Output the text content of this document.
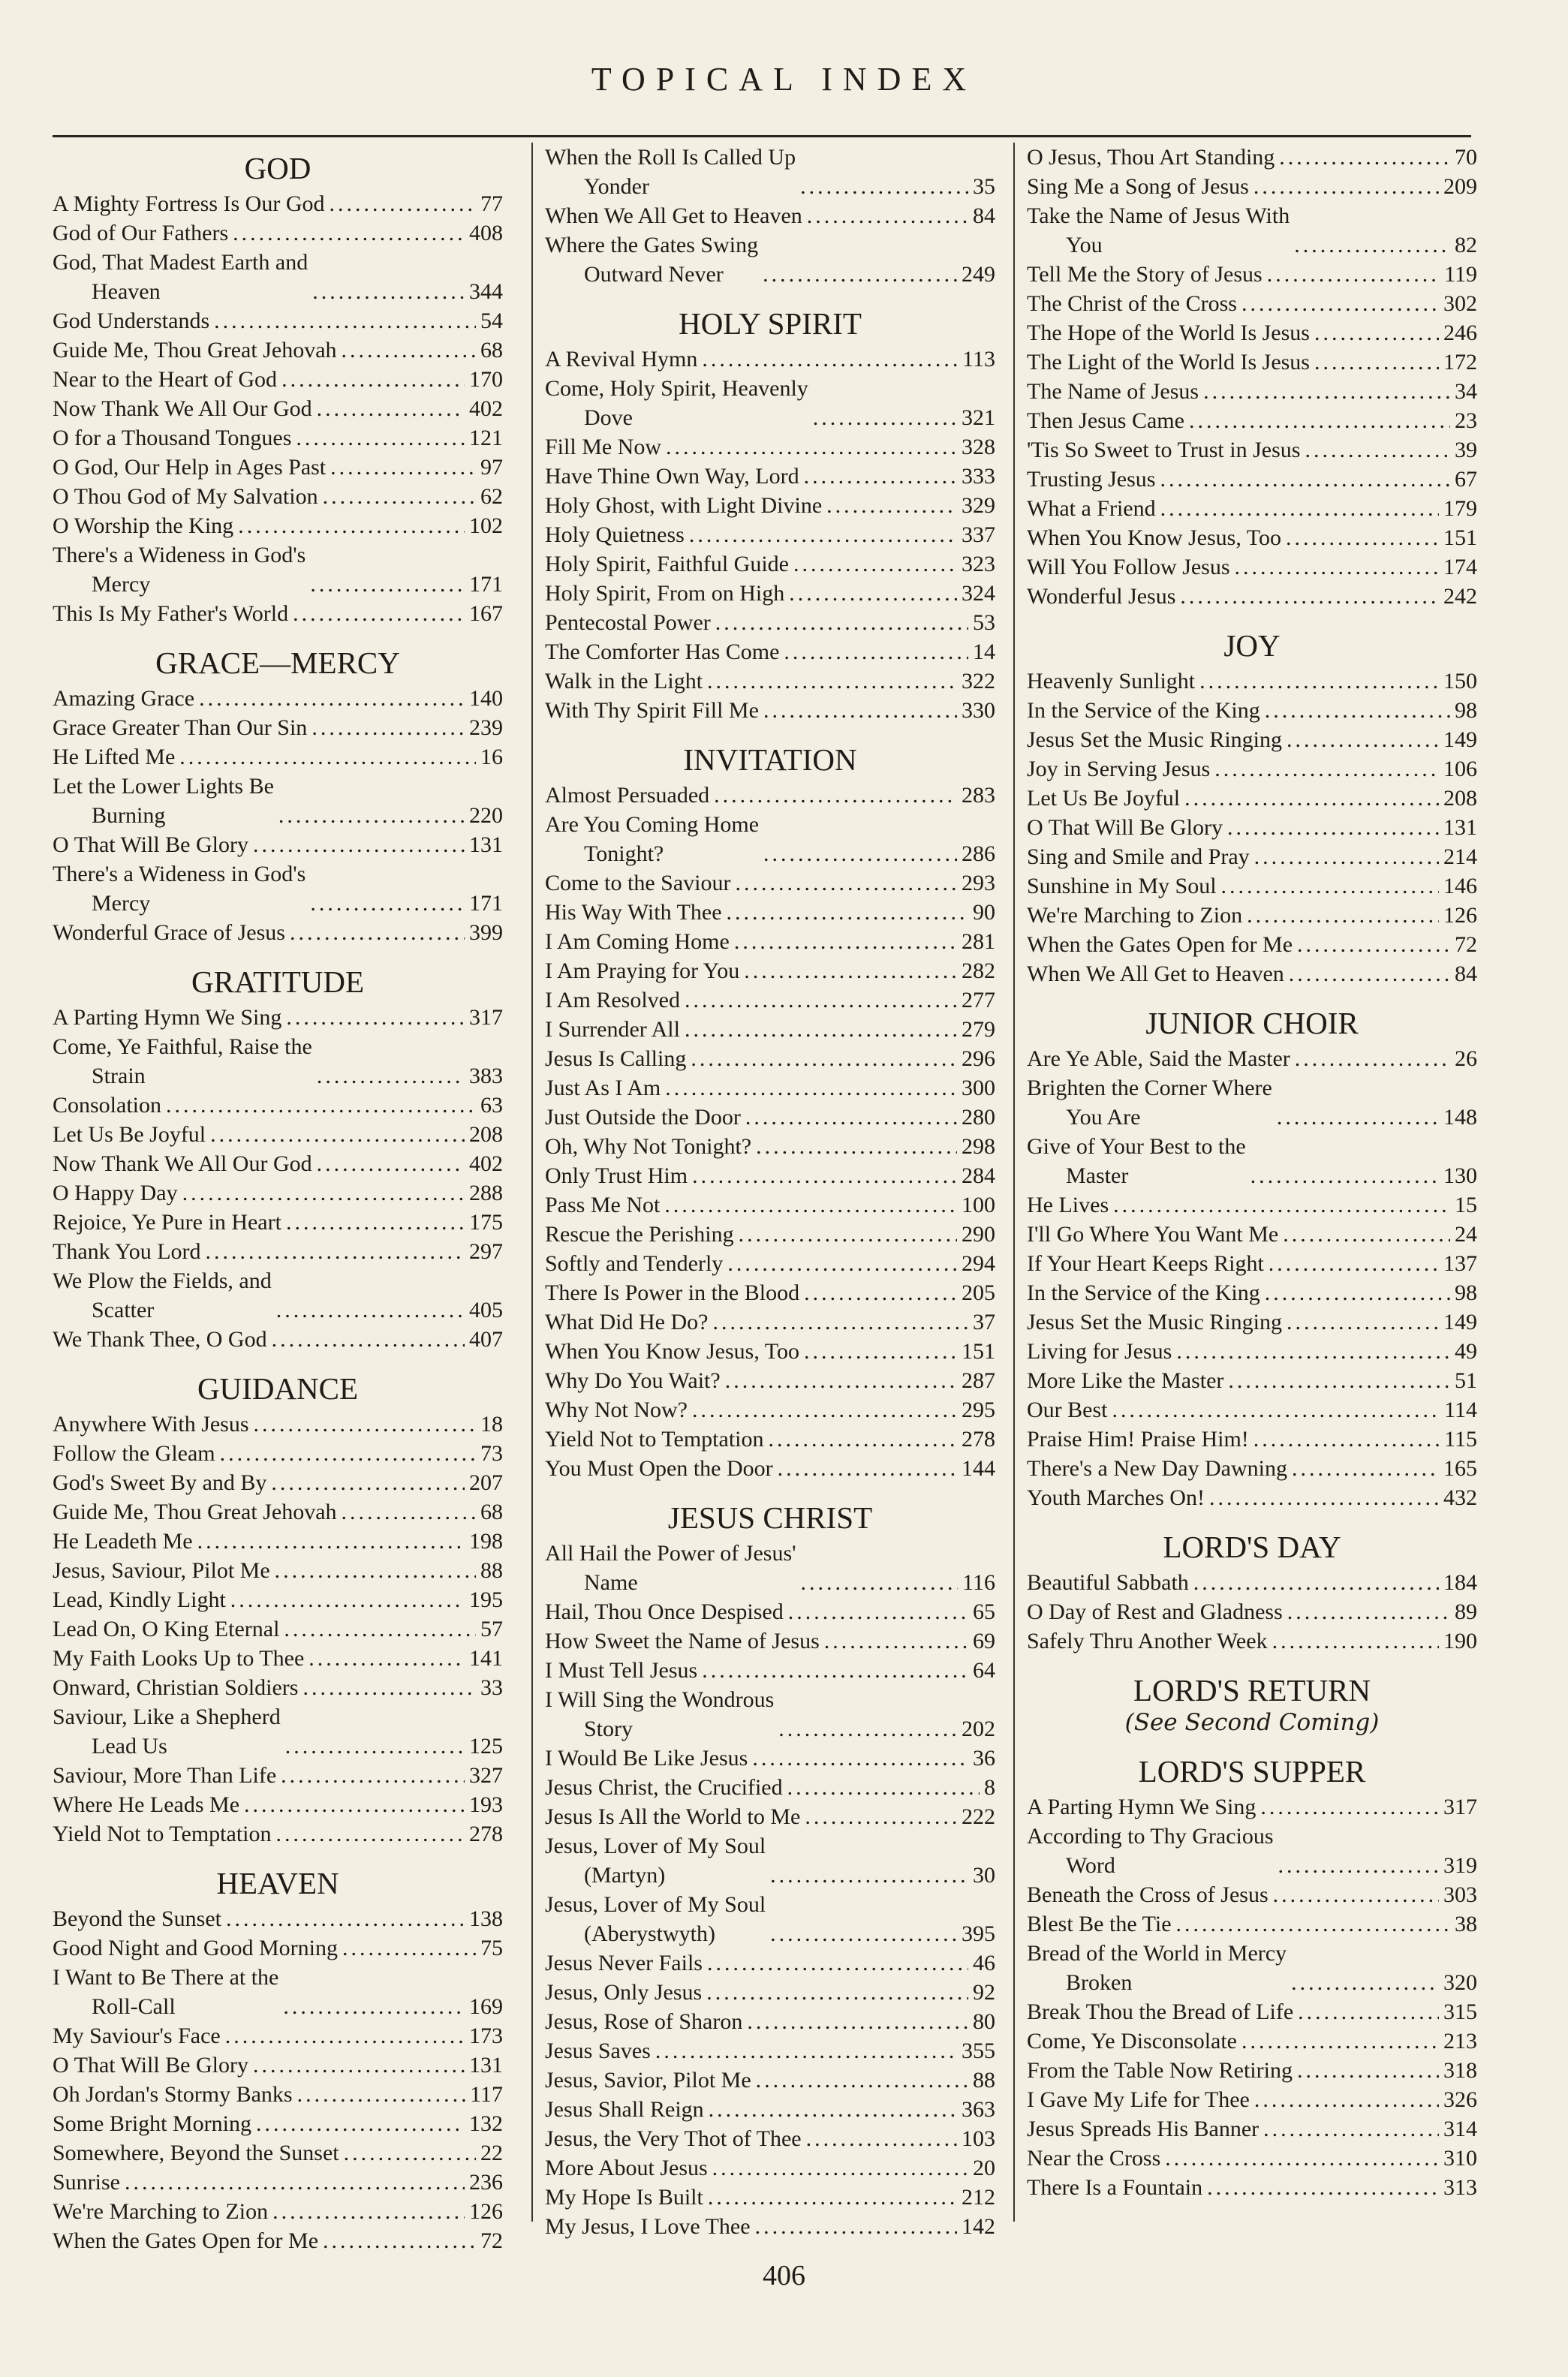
TOPICAL INDEX
GOD
A Mighty Fortress Is Our God .....	77
God of Our Fathers .....	408
God, That Madest Earth and
Heaven .....	344
God Understands .....	54
Guide Me, Thou Great Jehovah .....	68
Near to the Heart of God .....	170
Now Thank We All Our God .....	402
O for a Thousand Tongues .....	121
O God, Our Help in Ages Past .....	97
O Thou God of My Salvation .....	62
O Worship the King .....	102
There's a Wideness in God's
Mercy .....	171
This Is My Father's World .....	167
GRACE—MERCY
Amazing Grace .....	140
Grace Greater Than Our Sin .....	239
He Lifted Me .....	16
Let the Lower Lights Be
Burning .....	220
O That Will Be Glory .....	131
There's a Wideness in God's
Mercy .....	171
Wonderful Grace of Jesus .....	399
GRATITUDE
A Parting Hymn We Sing .....	317
Come, Ye Faithful, Raise the
Strain .....	383
Consolation .....	63
Let Us Be Joyful .....	208
Now Thank We All Our God .....	402
O Happy Day .....	288
Rejoice, Ye Pure in Heart .....	175
Thank You Lord .....	297
We Plow the Fields, and
Scatter .....	405
We Thank Thee, O God .....	407
GUIDANCE
Anywhere With Jesus .....	18
Follow the Gleam .....	73
God's Sweet By and By .....	207
Guide Me, Thou Great Jehovah .....	68
He Leadeth Me .....	198
Jesus, Saviour, Pilot Me .....	88
Lead, Kindly Light .....	195
Lead On, O King Eternal .....	57
My Faith Looks Up to Thee .....	141
Onward, Christian Soldiers .....	33
Saviour, Like a Shepherd
Lead Us .....	125
Saviour, More Than Life .....	327
Where He Leads Me .....	193
Yield Not to Temptation .....	278
HEAVEN
Beyond the Sunset .....	138
Good Night and Good Morning .....	75
I Want to Be There at the
Roll-Call .....	169
My Saviour's Face .....	173
O That Will Be Glory .....	131
Oh Jordan's Stormy Banks .....	117
Some Bright Morning .....	132
Somewhere, Beyond the Sunset .....	22
Sunrise .....	236
We're Marching to Zion .....	126
When the Gates Open for Me .....	72
When the Roll Is Called Up
Yonder .....	35
When We All Get to Heaven .....	84
Where the Gates Swing
Outward Never .....	249
HOLY SPIRIT
A Revival Hymn .....	113
Come, Holy Spirit, Heavenly
Dove .....	321
Fill Me Now .....	328
Have Thine Own Way, Lord .....	333
Holy Ghost, with Light Divine .....	329
Holy Quietness .....	337
Holy Spirit, Faithful Guide .....	323
Holy Spirit, From on High .....	324
Pentecostal Power .....	53
The Comforter Has Come .....	14
Walk in the Light .....	322
With Thy Spirit Fill Me .....	330
INVITATION
Almost Persuaded .....	283
Are You Coming Home
Tonight? .....	286
Come to the Saviour .....	293
His Way With Thee .....	90
I Am Coming Home .....	281
I Am Praying for You .....	282
I Am Resolved .....	277
I Surrender All .....	279
Jesus Is Calling .....	296
Just As I Am .....	300
Just Outside the Door .....	280
Oh, Why Not Tonight? .....	298
Only Trust Him .....	284
Pass Me Not .....	100
Rescue the Perishing .....	290
Softly and Tenderly .....	294
There Is Power in the Blood .....	205
What Did He Do? .....	37
When You Know Jesus, Too .....	151
Why Do You Wait? .....	287
Why Not Now? .....	295
Yield Not to Temptation .....	278
You Must Open the Door .....	144
JESUS CHRIST
All Hail the Power of Jesus'
Name .....	116
Hail, Thou Once Despised .....	65
How Sweet the Name of Jesus .....	69
I Must Tell Jesus .....	64
I Will Sing the Wondrous
Story .....	202
I Would Be Like Jesus .....	36
Jesus Christ, the Crucified .....	8
Jesus Is All the World to Me .....	222
Jesus, Lover of My Soul
(Martyn) .....	30
Jesus, Lover of My Soul
(Aberystwyth) .....	395
Jesus Never Fails .....	46
Jesus, Only Jesus .....	92
Jesus, Rose of Sharon .....	80
Jesus Saves .....	355
Jesus, Savior, Pilot Me .....	88
Jesus Shall Reign .....	363
Jesus, the Very Thot of Thee .....	103
More About Jesus .....	20
My Hope Is Built .....	212
My Jesus, I Love Thee .....	142
O Jesus, Thou Art Standing .....	70
Sing Me a Song of Jesus .....	209
Take the Name of Jesus With
You .....	82
Tell Me the Story of Jesus .....	119
The Christ of the Cross .....	302
The Hope of the World Is Jesus .....	246
The Light of the World Is Jesus .....	172
The Name of Jesus .....	34
Then Jesus Came .....	23
'Tis So Sweet to Trust in Jesus .....	39
Trusting Jesus .....	67
What a Friend .....	179
When You Know Jesus, Too .....	151
Will You Follow Jesus .....	174
Wonderful Jesus .....	242
JOY
Heavenly Sunlight .....	150
In the Service of the King .....	98
Jesus Set the Music Ringing .....	149
Joy in Serving Jesus .....	106
Let Us Be Joyful .....	208
O That Will Be Glory .....	131
Sing and Smile and Pray .....	214
Sunshine in My Soul .....	146
We're Marching to Zion .....	126
When the Gates Open for Me .....	72
When We All Get to Heaven .....	84
JUNIOR CHOIR
Are Ye Able, Said the Master .....	26
Brighten the Corner Where
You Are .....	148
Give of Your Best to the
Master .....	130
He Lives .....	15
I'll Go Where You Want Me .....	24
If Your Heart Keeps Right .....	137
In the Service of the King .....	98
Jesus Set the Music Ringing .....	149
Living for Jesus .....	49
More Like the Master .....	51
Our Best .....	114
Praise Him! Praise Him! .....	115
There's a New Day Dawning .....	165
Youth Marches On! .....	432
LORD'S DAY
Beautiful Sabbath .....	184
O Day of Rest and Gladness .....	89
Safely Thru Another Week .....	190
LORD'S RETURN
(See Second Coming)
LORD'S SUPPER
A Parting Hymn We Sing .....	317
According to Thy Gracious
Word .....	319
Beneath the Cross of Jesus .....	303
Blest Be the Tie .....	38
Bread of the World in Mercy
Broken .....	320
Break Thou the Bread of Life .....	315
Come, Ye Disconsolate .....	213
From the Table Now Retiring .....	318
I Gave My Life for Thee .....	326
Jesus Spreads His Banner .....	314
Near the Cross .....	310
There Is a Fountain .....	313
406
